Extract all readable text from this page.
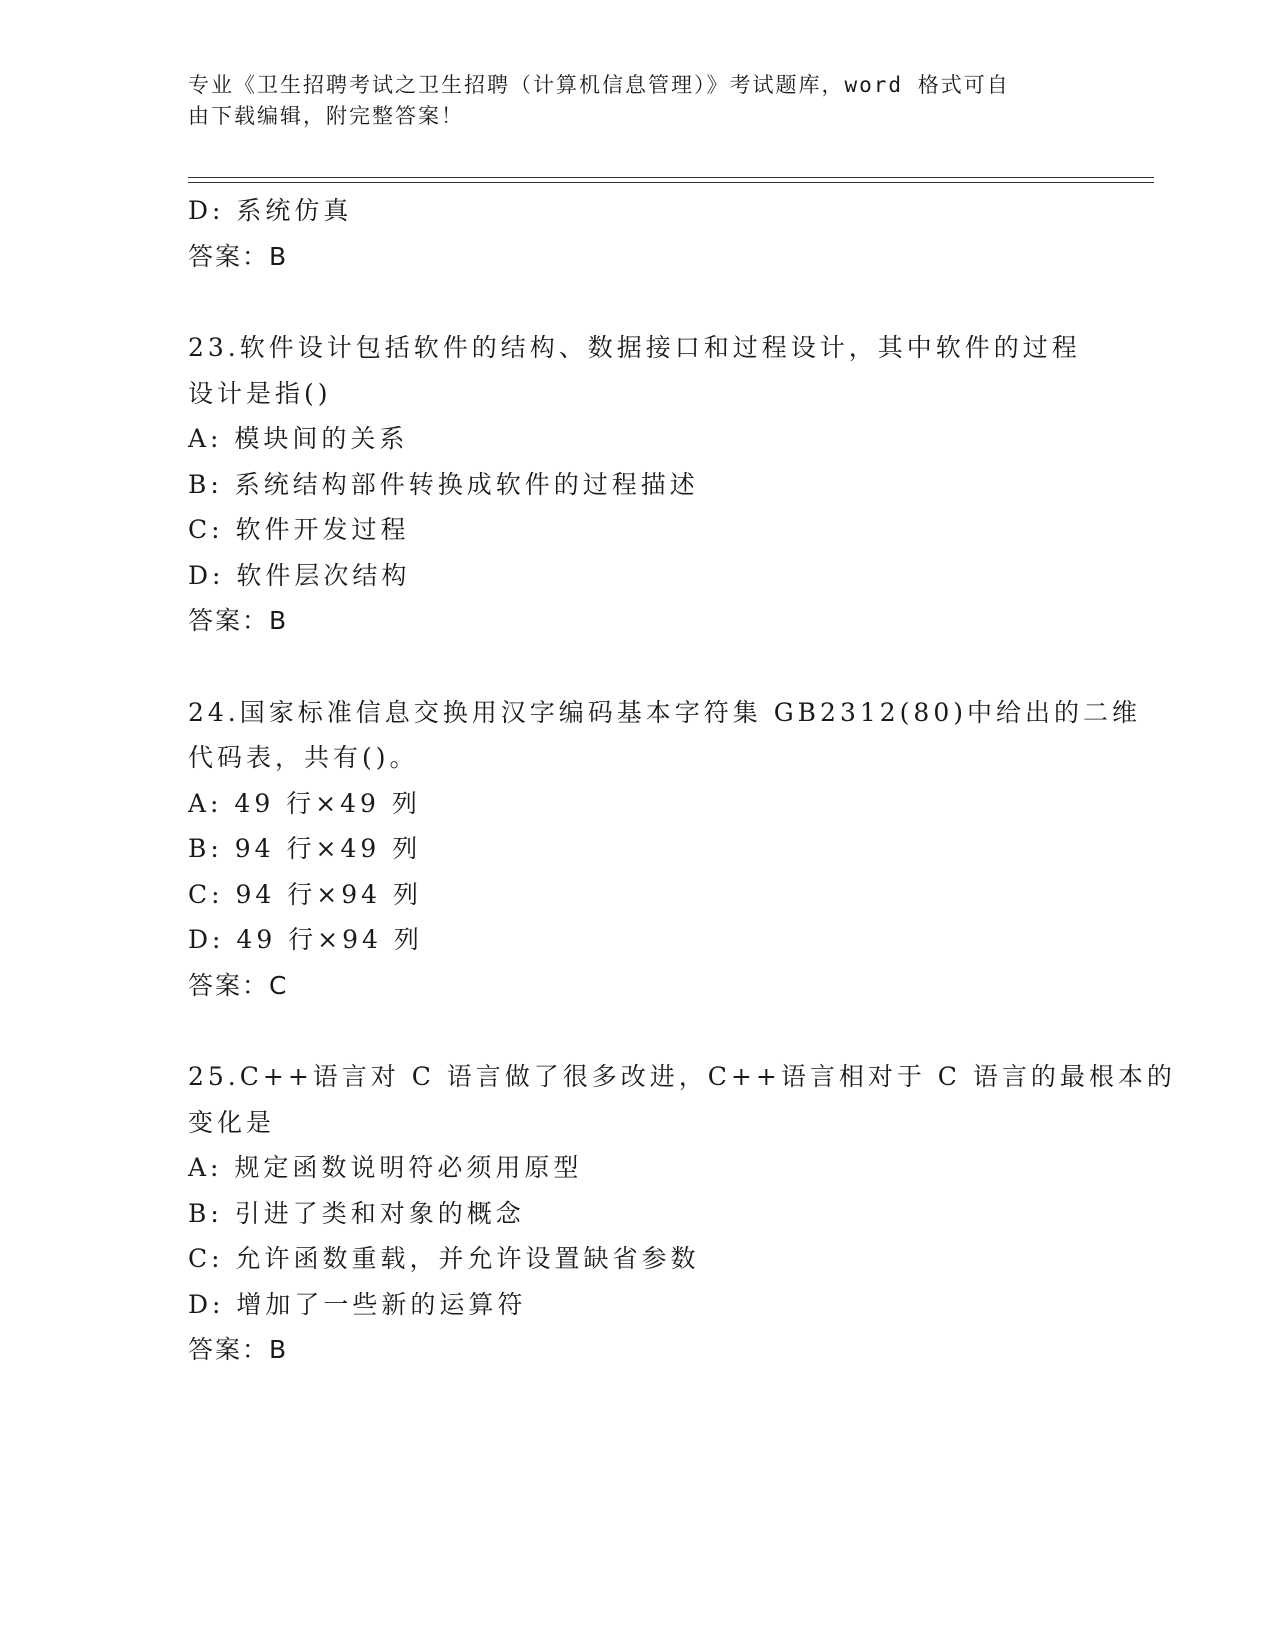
专业《卫生招聘考试之卫生招聘（计算机信息管理）》考试题库，word 格式可自
由下载编辑，附完整答案！
D: 系统仿真
答案：B
23.软件设计包括软件的结构、数据接口和过程设计，其中软件的过程
设计是指()
A: 模块间的关系
B: 系统结构部件转换成软件的过程描述
C: 软件开发过程
D: 软件层次结构
答案：B
24.国家标准信息交换用汉字编码基本字符集 GB2312(80)中给出的二维
代码表，共有()。
A: 49 行×49 列
B: 94 行×49 列
C: 94 行×94 列
D: 49 行×94 列
答案：C
25.C++语言对 C 语言做了很多改进，C++语言相对于 C 语言的最根本的
变化是
A: 规定函数说明符必须用原型
B: 引进了类和对象的概念
C: 允许函数重载，并允许设置缺省参数
D: 增加了一些新的运算符
答案：B
